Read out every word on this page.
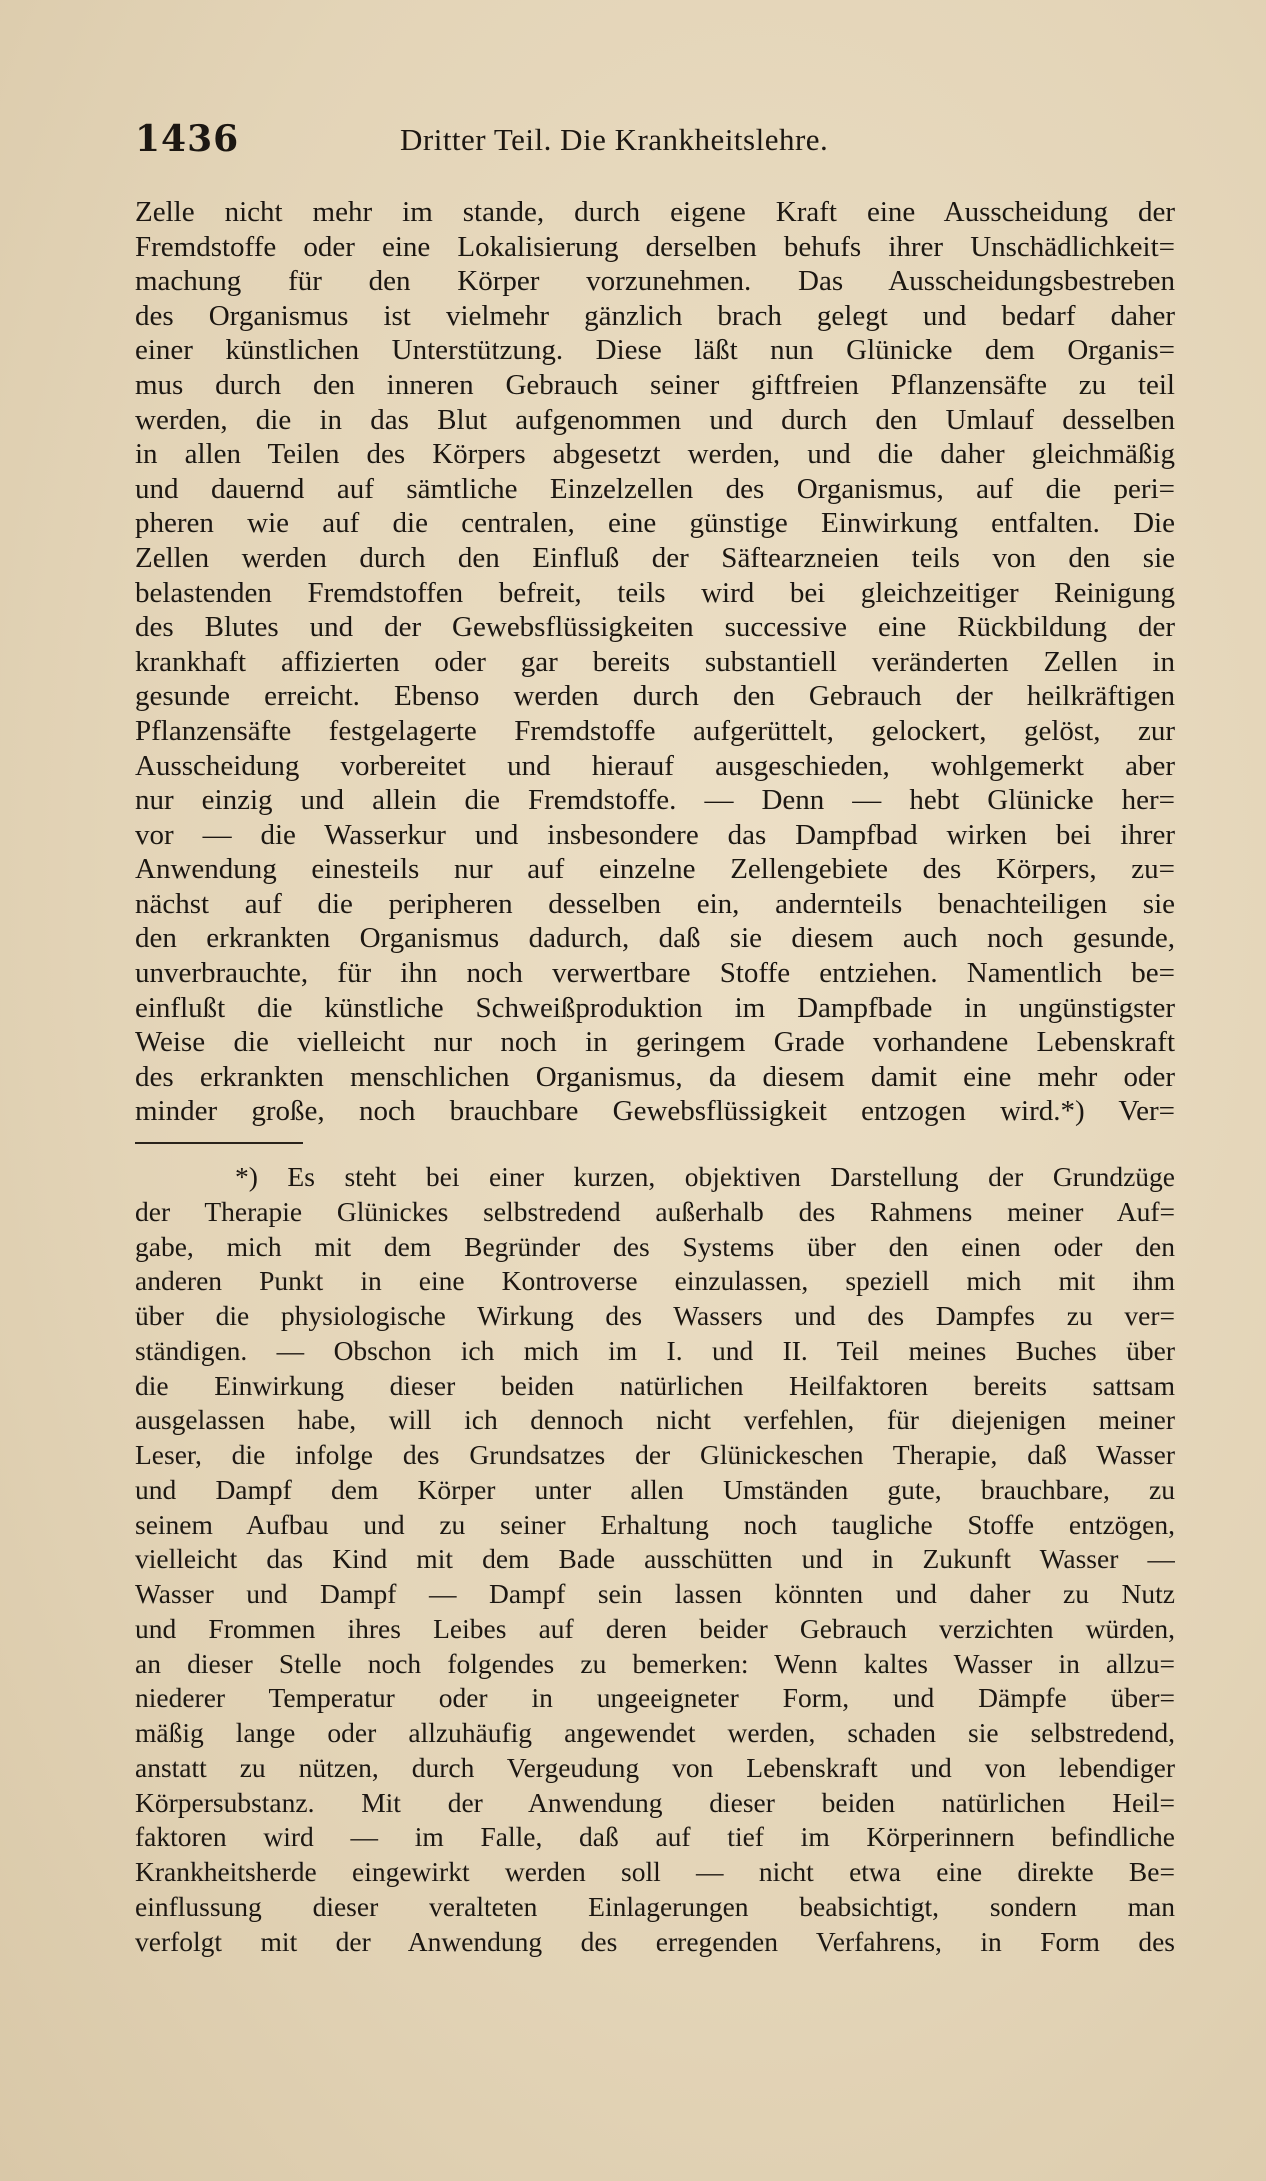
1436	Dritter Teil. Die Krankheitslehre.
Zelle nicht mehr im stande, durch eigene Kraft eine Ausscheidung der
Fremdstoffe oder eine Lokalisierung derselben behufs ihrer Unschädlichkeit=
machung für den Körper vorzunehmen. Das Ausscheidungsbestreben
des Organismus ist vielmehr gänzlich brach gelegt und bedarf daher
einer künstlichen Unterstützung. Diese läßt nun Glünicke dem Organis=
mus durch den inneren Gebrauch seiner giftfreien Pflanzensäfte zu teil
werden, die in das Blut aufgenommen und durch den Umlauf desselben
in allen Teilen des Körpers abgesetzt werden, und die daher gleichmäßig
und dauernd auf sämtliche Einzelzellen des Organismus, auf die peri=
pheren wie auf die centralen, eine günstige Einwirkung entfalten. Die
Zellen werden durch den Einfluß der Säftearzneien teils von den sie
belastenden Fremdstoffen befreit, teils wird bei gleichzeitiger Reinigung
des Blutes und der Gewebsflüssigkeiten successive eine Rückbildung der
krankhaft affizierten oder gar bereits substantiell veränderten Zellen in
gesunde erreicht. Ebenso werden durch den Gebrauch der heilkräftigen
Pflanzensäfte festgelagerte Fremdstoffe aufgerüttelt, gelockert, gelöst, zur
Ausscheidung vorbereitet und hierauf ausgeschieden, wohlgemerkt aber
nur einzig und allein die Fremdstoffe. — Denn — hebt Glünicke her=
vor — die Wasserkur und insbesondere das Dampfbad wirken bei ihrer
Anwendung einesteils nur auf einzelne Zellengebiete des Körpers, zu=
nächst auf die peripheren desselben ein, andernteils benachteiligen sie
den erkrankten Organismus dadurch, daß sie diesem auch noch gesunde,
unverbrauchte, für ihn noch verwertbare Stoffe entziehen. Namentlich be=
einflußt die künstliche Schweißproduktion im Dampfbade in ungünstigster
Weise die vielleicht nur noch in geringem Grade vorhandene Lebenskraft
des erkrankten menschlichen Organismus, da diesem damit eine mehr oder
minder große, noch brauchbare Gewebsflüssigkeit entzogen wird.*) Ver=
*) Es steht bei einer kurzen, objektiven Darstellung der Grundzüge
der Therapie Glünickes selbstredend außerhalb des Rahmens meiner Auf=
gabe, mich mit dem Begründer des Systems über den einen oder den
anderen Punkt in eine Kontroverse einzulassen, speziell mich mit ihm
über die physiologische Wirkung des Wassers und des Dampfes zu ver=
ständigen. — Obschon ich mich im I. und II. Teil meines Buches über
die Einwirkung dieser beiden natürlichen Heilfaktoren bereits sattsam
ausgelassen habe, will ich dennoch nicht verfehlen, für diejenigen meiner
Leser, die infolge des Grundsatzes der Glünickeschen Therapie, daß Wasser
und Dampf dem Körper unter allen Umständen gute, brauchbare, zu
seinem Aufbau und zu seiner Erhaltung noch taugliche Stoffe entzögen,
vielleicht das Kind mit dem Bade ausschütten und in Zukunft Wasser —
Wasser und Dampf — Dampf sein lassen könnten und daher zu Nutz
und Frommen ihres Leibes auf deren beider Gebrauch verzichten würden,
an dieser Stelle noch folgendes zu bemerken: Wenn kaltes Wasser in allzu=
niederer Temperatur oder in ungeeigneter Form, und Dämpfe über=
mäßig lange oder allzuhäufig angewendet werden, schaden sie selbstredend,
anstatt zu nützen, durch Vergeudung von Lebenskraft und von lebendiger
Körpersubstanz. Mit der Anwendung dieser beiden natürlichen Heil=
faktoren wird — im Falle, daß auf tief im Körperinnern befindliche
Krankheitsherde eingewirkt werden soll — nicht etwa eine direkte Be=
einflussung dieser veralteten Einlagerungen beabsichtigt, sondern man
verfolgt mit der Anwendung des erregenden Verfahrens, in Form des
